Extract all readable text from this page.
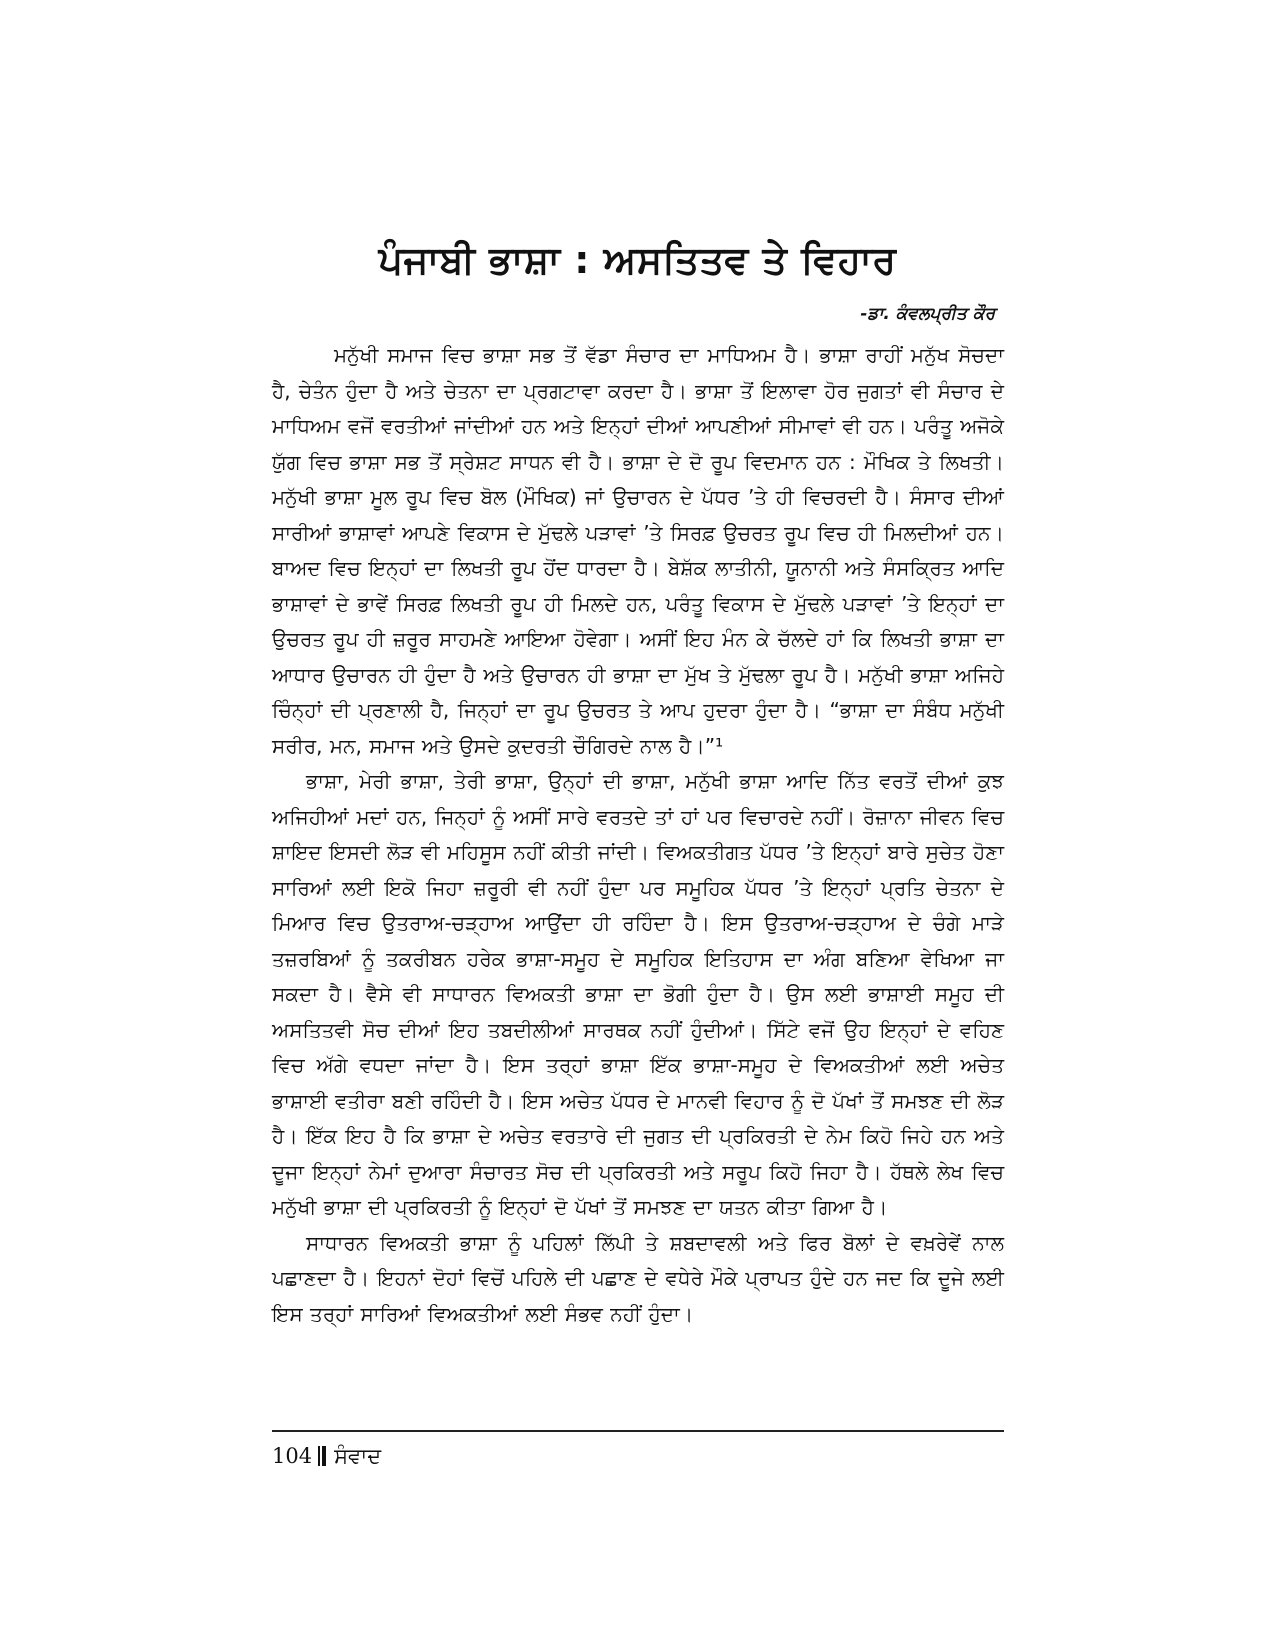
ਪੰਜਾਬੀ ਭਾਸ਼ਾ : ਅਸਤਿਤਵ ਤੇ ਵਿਹਾਰ

-ਡਾ. ਕੰਵਲਪ੍ਰੀਤ ਕੌਰ

ਮਨੁੱਖੀ ਸਮਾਜ ਵਿਚ ਭਾਸ਼ਾ ਸਭ ਤੋਂ ਵੱਡਾ ਸੰਚਾਰ ਦਾ ਮਾਧਿਅਮ ਹੈ। ਭਾਸ਼ਾ ਰਾਹੀਂ ਮਨੁੱਖ ਸੋਚਦਾ ਹੈ, ਚੇਤੰਨ ਹੁੰਦਾ ਹੈ ਅਤੇ ਚੇਤਨਾ ਦਾ ਪ੍ਰਗਟਾਵਾ ਕਰਦਾ ਹੈ। ਭਾਸ਼ਾ ਤੋਂ ਇਲਾਵਾ ਹੋਰ ਜੁਗਤਾਂ ਵੀ ਸੰਚਾਰ ਦੇ ਮਾਧਿਅਮ ਵਜੋਂ ਵਰਤੀਆਂ ਜਾਂਦੀਆਂ ਹਨ ਅਤੇ ਇਨ੍ਹਾਂ ਦੀਆਂ ਆਪਣੀਆਂ ਸੀਮਾਵਾਂ ਵੀ ਹਨ। ਪਰੰਤੂ ਅਜੋਕੇ ਯੁੱਗ ਵਿਚ ਭਾਸ਼ਾ ਸਭ ਤੋਂ ਸ੍ਰੇਸ਼ਟ ਸਾਧਨ ਵੀ ਹੈ। ਭਾਸ਼ਾ ਦੇ ਦੋ ਰੂਪ ਵਿਦਮਾਨ ਹਨ : ਮੌਖਿਕ ਤੇ ਲਿਖਤੀ। ਮਨੁੱਖੀ ਭਾਸ਼ਾ ਮੂਲ ਰੂਪ ਵਿਚ ਬੋਲ (ਮੌਖਿਕ) ਜਾਂ ਉਚਾਰਨ ਦੇ ਪੱਧਰ ’ਤੇ ਹੀ ਵਿਚਰਦੀ ਹੈ। ਸੰਸਾਰ ਦੀਆਂ ਸਾਰੀਆਂ ਭਾਸ਼ਾਵਾਂ ਆਪਣੇ ਵਿਕਾਸ ਦੇ ਮੁੱਢਲੇ ਪੜਾਵਾਂ ’ਤੇ ਸਿਰਫ਼ ਉਚਰਤ ਰੂਪ ਵਿਚ ਹੀ ਮਿਲਦੀਆਂ ਹਨ। ਬਾਅਦ ਵਿਚ ਇਨ੍ਹਾਂ ਦਾ ਲਿਖਤੀ ਰੂਪ ਹੋਂਦ ਧਾਰਦਾ ਹੈ। ਬੇਸ਼ੱਕ ਲਾਤੀਨੀ, ਯੂਨਾਨੀ ਅਤੇ ਸੰਸਕ੍ਰਿਤ ਆਦਿ ਭਾਸ਼ਾਵਾਂ ਦੇ ਭਾਵੇਂ ਸਿਰਫ਼ ਲਿਖਤੀ ਰੂਪ ਹੀ ਮਿਲਦੇ ਹਨ, ਪਰੰਤੂ ਵਿਕਾਸ ਦੇ ਮੁੱਢਲੇ ਪੜਾਵਾਂ ’ਤੇ ਇਨ੍ਹਾਂ ਦਾ ਉਚਰਤ ਰੂਪ ਹੀ ਜ਼ਰੂਰ ਸਾਹਮਣੇ ਆਇਆ ਹੋਵੇਗਾ। ਅਸੀਂ ਇਹ ਮੰਨ ਕੇ ਚੱਲਦੇ ਹਾਂ ਕਿ ਲਿਖਤੀ ਭਾਸ਼ਾ ਦਾ ਆਧਾਰ ਉਚਾਰਨ ਹੀ ਹੁੰਦਾ ਹੈ ਅਤੇ ਉਚਾਰਨ ਹੀ ਭਾਸ਼ਾ ਦਾ ਮੁੱਖ ਤੇ ਮੁੱਢਲਾ ਰੂਪ ਹੈ। ਮਨੁੱਖੀ ਭਾਸ਼ਾ ਅਜਿਹੇ ਚਿੰਨ੍ਹਾਂ ਦੀ ਪ੍ਰਣਾਲੀ ਹੈ, ਜਿਨ੍ਹਾਂ ਦਾ ਰੂਪ ਉਚਰਤ ਤੇ ਆਪ ਹੁਦਰਾ ਹੁੰਦਾ ਹੈ। “ਭਾਸ਼ਾ ਦਾ ਸੰਬੰਧ ਮਨੁੱਖੀ ਸਰੀਰ, ਮਨ, ਸਮਾਜ ਅਤੇ ਉਸਦੇ ਕੁਦਰਤੀ ਚੌਗਿਰਦੇ ਨਾਲ ਹੈ।”¹

ਭਾਸ਼ਾ, ਮੇਰੀ ਭਾਸ਼ਾ, ਤੇਰੀ ਭਾਸ਼ਾ, ਉਨ੍ਹਾਂ ਦੀ ਭਾਸ਼ਾ, ਮਨੁੱਖੀ ਭਾਸ਼ਾ ਆਦਿ ਨਿੱਤ ਵਰਤੋਂ ਦੀਆਂ ਕੁਝ ਅਜਿਹੀਆਂ ਮਦਾਂ ਹਨ, ਜਿਨ੍ਹਾਂ ਨੂੰ ਅਸੀਂ ਸਾਰੇ ਵਰਤਦੇ ਤਾਂ ਹਾਂ ਪਰ ਵਿਚਾਰਦੇ ਨਹੀਂ। ਰੋਜ਼ਾਨਾ ਜੀਵਨ ਵਿਚ ਸ਼ਾਇਦ ਇਸਦੀ ਲੋੜ ਵੀ ਮਹਿਸੂਸ ਨਹੀਂ ਕੀਤੀ ਜਾਂਦੀ। ਵਿਅਕਤੀਗਤ ਪੱਧਰ ’ਤੇ ਇਨ੍ਹਾਂ ਬਾਰੇ ਸੁਚੇਤ ਹੋਣਾ ਸਾਰਿਆਂ ਲਈ ਇਕੋ ਜਿਹਾ ਜ਼ਰੂਰੀ ਵੀ ਨਹੀਂ ਹੁੰਦਾ ਪਰ ਸਮੂਹਿਕ ਪੱਧਰ ’ਤੇ ਇਨ੍ਹਾਂ ਪ੍ਰਤਿ ਚੇਤਨਾ ਦੇ ਮਿਆਰ ਵਿਚ ਉਤਰਾਅ-ਚੜ੍ਹਾਅ ਆਉਂਦਾ ਹੀ ਰਹਿੰਦਾ ਹੈ। ਇਸ ਉਤਰਾਅ-ਚੜ੍ਹਾਅ ਦੇ ਚੰਗੇ ਮਾੜੇ ਤਜ਼ਰਬਿਆਂ ਨੂੰ ਤਕਰੀਬਨ ਹਰੇਕ ਭਾਸ਼ਾ-ਸਮੂਹ ਦੇ ਸਮੂਹਿਕ ਇਤਿਹਾਸ ਦਾ ਅੰਗ ਬਣਿਆ ਵੇਖਿਆ ਜਾ ਸਕਦਾ ਹੈ। ਵੈਸੇ ਵੀ ਸਾਧਾਰਨ ਵਿਅਕਤੀ ਭਾਸ਼ਾ ਦਾ ਭੋਗੀ ਹੁੰਦਾ ਹੈ। ਉਸ ਲਈ ਭਾਸ਼ਾਈ ਸਮੂਹ ਦੀ ਅਸਤਿਤਵੀ ਸੋਚ ਦੀਆਂ ਇਹ ਤਬਦੀਲੀਆਂ ਸਾਰਥਕ ਨਹੀਂ ਹੁੰਦੀਆਂ। ਸਿੱਟੇ ਵਜੋਂ ਉਹ ਇਨ੍ਹਾਂ ਦੇ ਵਹਿਣ ਵਿਚ ਅੱਗੇ ਵਧਦਾ ਜਾਂਦਾ ਹੈ। ਇਸ ਤਰ੍ਹਾਂ ਭਾਸ਼ਾ ਇੱਕ ਭਾਸ਼ਾ-ਸਮੂਹ ਦੇ ਵਿਅਕਤੀਆਂ ਲਈ ਅਚੇਤ ਭਾਸ਼ਾਈ ਵਤੀਰਾ ਬਣੀ ਰਹਿੰਦੀ ਹੈ। ਇਸ ਅਚੇਤ ਪੱਧਰ ਦੇ ਮਾਨਵੀ ਵਿਹਾਰ ਨੂੰ ਦੋ ਪੱਖਾਂ ਤੋਂ ਸਮਝਣ ਦੀ ਲੋੜ ਹੈ। ਇੱਕ ਇਹ ਹੈ ਕਿ ਭਾਸ਼ਾ ਦੇ ਅਚੇਤ ਵਰਤਾਰੇ ਦੀ ਜੁਗਤ ਦੀ ਪ੍ਰਕਿਰਤੀ ਦੇ ਨੇਮ ਕਿਹੋ ਜਿਹੇ ਹਨ ਅਤੇ ਦੂਜਾ ਇਨ੍ਹਾਂ ਨੇਮਾਂ ਦੁਆਰਾ ਸੰਚਾਰਤ ਸੋਚ ਦੀ ਪ੍ਰਕਿਰਤੀ ਅਤੇ ਸਰੂਪ ਕਿਹੋ ਜਿਹਾ ਹੈ। ਹੱਥਲੇ ਲੇਖ ਵਿਚ ਮਨੁੱਖੀ ਭਾਸ਼ਾ ਦੀ ਪ੍ਰਕਿਰਤੀ ਨੂੰ ਇਨ੍ਹਾਂ ਦੋ ਪੱਖਾਂ ਤੋਂ ਸਮਝਣ ਦਾ ਯਤਨ ਕੀਤਾ ਗਿਆ ਹੈ।

ਸਾਧਾਰਨ ਵਿਅਕਤੀ ਭਾਸ਼ਾ ਨੂੰ ਪਹਿਲਾਂ ਲਿੱਪੀ ਤੇ ਸ਼ਬਦਾਵਲੀ ਅਤੇ ਫਿਰ ਬੋਲਾਂ ਦੇ ਵਖ਼ਰੇਵੇਂ ਨਾਲ ਪਛਾਣਦਾ ਹੈ। ਇਹਨਾਂ ਦੋਹਾਂ ਵਿਚੋਂ ਪਹਿਲੇ ਦੀ ਪਛਾਣ ਦੇ ਵਧੇਰੇ ਮੌਕੇ ਪ੍ਰਾਪਤ ਹੁੰਦੇ ਹਨ ਜਦ ਕਿ ਦੂਜੇ ਲਈ ਇਸ ਤਰ੍ਹਾਂ ਸਾਰਿਆਂ ਵਿਅਕਤੀਆਂ ਲਈ ਸੰਭਵ ਨਹੀਂ ਹੁੰਦਾ।

104 ਸੰਵਾਦ
